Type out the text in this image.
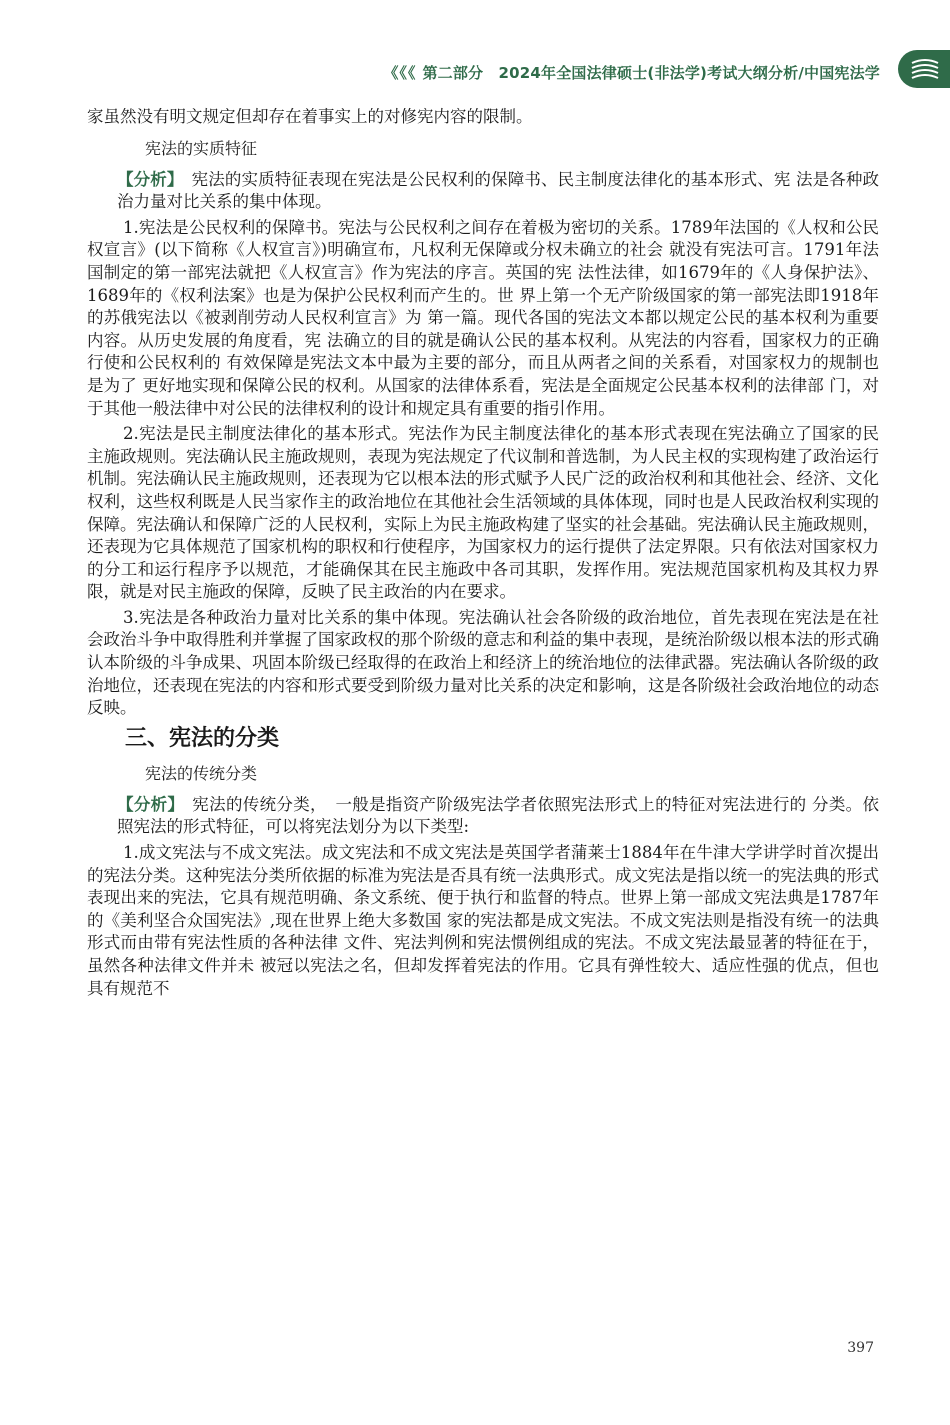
《《《 第二部分　2024年全国法律硕士(非法学)考试大纲分析/中国宪法学

家虽然没有明文规定但却存在着事实上的对修宪内容的限制。

宪法的实质特征

【分析】 宪法的实质特征表现在宪法是公民权利的保障书、民主制度法律化的基本形式、宪 法是各种政治力量对比关系的集中体现。

1.宪法是公民权利的保障书。宪法与公民权利之间存在着极为密切的关系。1789年法国的《人权和公民权宣言》(以下简称《人权宣言》)明确宣布，凡权利无保障或分权未确立的社会 就没有宪法可言。1791年法国制定的第一部宪法就把《人权宣言》作为宪法的序言。英国的宪 法性法律，如1679年的《人身保护法》、1689年的《权利法案》也是为保护公民权利而产生的。世 界上第一个无产阶级国家的第一部宪法即1918年的苏俄宪法以《被剥削劳动人民权利宣言》为 第一篇。现代各国的宪法文本都以规定公民的基本权利为重要内容。从历史发展的角度看，宪 法确立的目的就是确认公民的基本权利。从宪法的内容看，国家权力的正确行使和公民权利的 有效保障是宪法文本中最为主要的部分，而且从两者之间的关系看，对国家权力的规制也是为了 更好地实现和保障公民的权利。从国家的法律体系看，宪法是全面规定公民基本权利的法律部 门，对于其他一般法律中对公民的法律权利的设计和规定具有重要的指引作用。

2.宪法是民主制度法律化的基本形式。宪法作为民主制度法律化的基本形式表现在宪法确立了国家的民主施政规则。宪法确认民主施政规则，表现为宪法规定了代议制和普选制，为人民主权的实现构建了政治运行机制。宪法确认民主施政规则，还表现为它以根本法的形式赋予人民广泛的政治权利和其他社会、经济、文化权利，这些权利既是人民当家作主的政治地位在其他社会生活领域的具体体现，同时也是人民政治权利实现的保障。宪法确认和保障广泛的人民权利，实际上为民主施政构建了坚实的社会基础。宪法确认民主施政规则，还表现为它具体规范了国家机构的职权和行使程序，为国家权力的运行提供了法定界限。只有依法对国家权力的分工和运行程序予以规范，才能确保其在民主施政中各司其职，发挥作用。宪法规范国家机构及其权力界限，就是对民主施政的保障，反映了民主政治的内在要求。

3.宪法是各种政治力量对比关系的集中体现。宪法确认社会各阶级的政治地位，首先表现在宪法是在社会政治斗争中取得胜利并掌握了国家政权的那个阶级的意志和利益的集中表现，是统治阶级以根本法的形式确认本阶级的斗争成果、巩固本阶级已经取得的在政治上和经济上的统治地位的法律武器。宪法确认各阶级的政治地位，还表现在宪法的内容和形式要受到阶级力量对比关系的决定和影响，这是各阶级社会政治地位的动态反映。

三、宪法的分类
宪法的传统分类

【分析】 宪法的传统分类，　一般是指资产阶级宪法学者依照宪法形式上的特征对宪法进行的 分类。依照宪法的形式特征，可以将宪法划分为以下类型:

1.成文宪法与不成文宪法。成文宪法和不成文宪法是英国学者蒲莱士1884年在牛津大学讲学时首次提出的宪法分类。这种宪法分类所依据的标准为宪法是否具有统一法典形式。成文宪法是指以统一的宪法典的形式表现出来的宪法，它具有规范明确、条文系统、便于执行和监督的特点。世界上第一部成文宪法典是1787年的《美利坚合众国宪法》,现在世界上绝大多数国 家的宪法都是成文宪法。不成文宪法则是指没有统一的法典形式而由带有宪法性质的各种法律 文件、宪法判例和宪法惯例组成的宪法。不成文宪法最显著的特征在于，虽然各种法律文件并未 被冠以宪法之名，但却发挥着宪法的作用。它具有弹性较大、适应性强的优点，但也具有规范不

397
